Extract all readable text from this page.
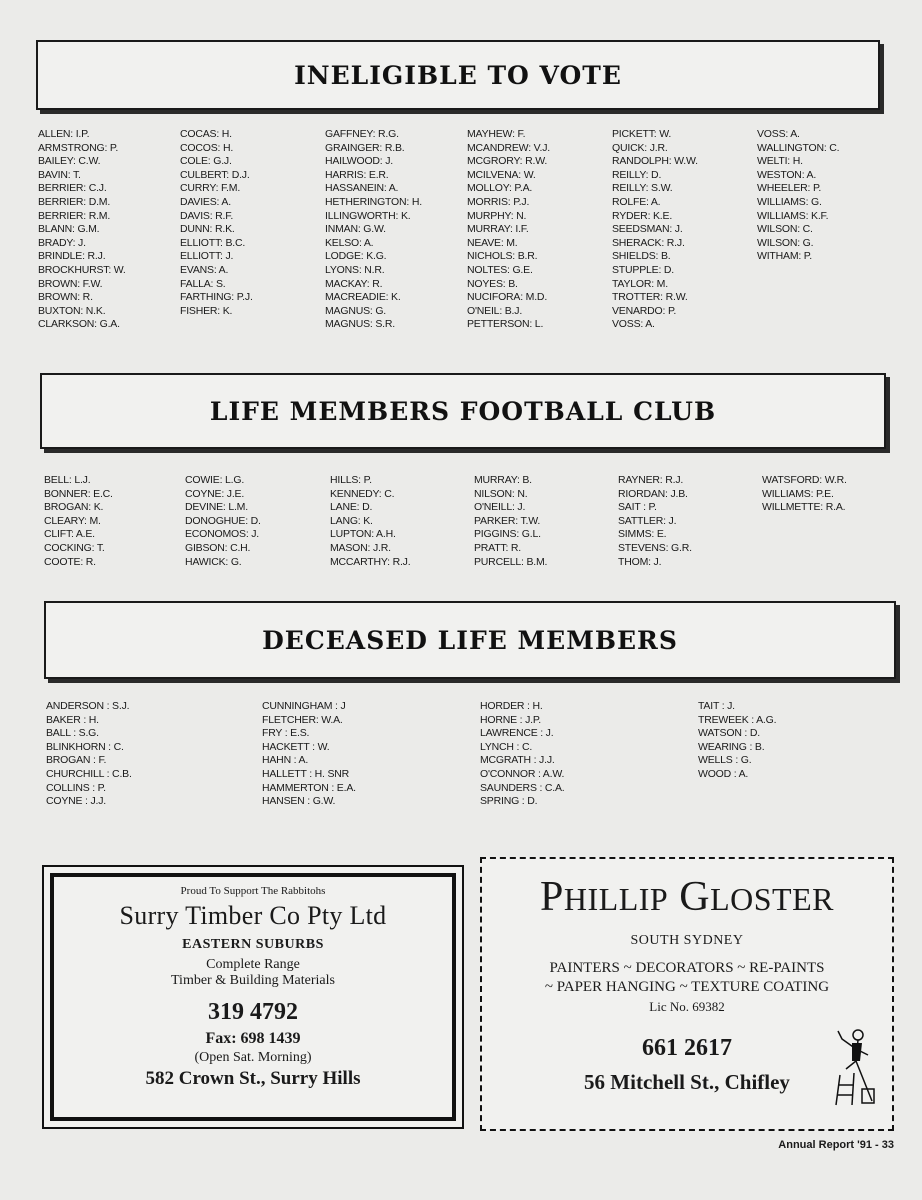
INELIGIBLE TO VOTE
ALLEN: I.P.
ARMSTRONG: P.
BAILEY: C.W.
BAVIN: T.
BERRIER: C.J.
BERRIER: D.M.
BERRIER: R.M.
BLANN: G.M.
BRADY: J.
BRINDLE: R.J.
BROCKHURST: W.
BROWN: F.W.
BROWN: R.
BUXTON: N.K.
CLARKSON: G.A.
COCAS: H.
COCOS: H.
COLE: G.J.
CULBERT: D.J.
CURRY: F.M.
DAVIES: A.
DAVIS: R.F.
DUNN: R.K.
ELLIOTT: B.C.
ELLIOTT: J.
EVANS: A.
FALLA: S.
FARTHING: P.J.
FISHER: K.
GAFFNEY: R.G.
GRAINGER: R.B.
HAILWOOD: J.
HARRIS: E.R.
HASSANEIN: A.
HETHERINGTON: H.
ILLINGWORTH: K.
INMAN: G.W.
KELSO: A.
LODGE: K.G.
LYONS: N.R.
MACKAY: R.
MACREADIE: K.
MAGNUS: G.
MAGNUS: S.R.
MAYHEW: F.
MCANDREW: V.J.
MCGRORY: R.W.
MCILVENA: W.
MOLLOY: P.A.
MORRIS: P.J.
MURPHY: N.
MURRAY: I.F.
NEAVE: M.
NICHOLS: B.R.
NOLTES: G.E.
NOYES: B.
NUCIFORA: M.D.
O'NEIL: B.J.
PETTERSON: L.
PICKETT: W.
QUICK: J.R.
RANDOLPH: W.W.
REILLY: D.
REILLY: S.W.
ROLFE: A.
RYDER: K.E.
SEEDSMAN: J.
SHERACK: R.J.
SHIELDS: B.
STUPPLE: D.
TAYLOR: M.
TROTTER: R.W.
VENARDO: P.
VOSS: A.
VOSS: A.
WALLINGTON: C.
WELTI: H.
WESTON: A.
WHEELER: P.
WILLIAMS: G.
WILLIAMS: K.F.
WILSON: C.
WILSON: G.
WITHAM: P.
LIFE MEMBERS FOOTBALL CLUB
BELL: L.J.
BONNER: E.C.
BROGAN: K.
CLEARY: M.
CLIFT: A.E.
COCKING: T.
COOTE: R.
COWIE: L.G.
COYNE: J.E.
DEVINE: L.M.
DONOGHUE: D.
ECONOMOS: J.
GIBSON: C.H.
HAWICK: G.
HILLS: P.
KENNEDY: C.
LANE: D.
LANG: K.
LUPTON: A.H.
MASON: J.R.
MCCARTHY: R.J.
MURRAY: B.
NILSON: N.
O'NEILL: J.
PARKER: T.W.
PIGGINS: G.L.
PRATT: R.
PURCELL: B.M.
RAYNER: R.J.
RIORDAN: J.B.
SAIT : P.
SATTLER: J.
SIMMS: E.
STEVENS: G.R.
THOM: J.
WATSFORD: W.R.
WILLIAMS: P.E.
WILLMETTE: R.A.
DECEASED LIFE MEMBERS
ANDERSON : S.J.
BAKER : H.
BALL : S.G.
BLINKHORN : C.
BROGAN : F.
CHURCHILL : C.B.
COLLINS : P.
COYNE : J.J.
CUNNINGHAM : J
FLETCHER: W.A.
FRY : E.S.
HACKETT : W.
HAHN : A.
HALLETT : H. SNR
HAMMERTON : E.A.
HANSEN : G.W.
HORDER : H.
HORNE : J.P.
LAWRENCE : J.
LYNCH : C.
MCGRATH : J.J.
O'CONNOR : A.W.
SAUNDERS : C.A.
SPRING : D.
TAIT : J.
TREWEEK : A.G.
WATSON : D.
WEARING : B.
WELLS : G.
WOOD : A.
Proud To Support The Rabbitohs
Surry Timber Co Pty Ltd
EASTERN SUBURBS
Complete Range
Timber & Building Materials
319 4792
Fax: 698 1439
(Open Sat. Morning)
582 Crown St., Surry Hills
PHILLIP GLOSTER
SOUTH SYDNEY
PAINTERS ~ DECORATORS ~ RE-PAINTS
~ PAPER HANGING ~ TEXTURE COATING
Lic No. 69382
661 2617
56 Mitchell St., Chifley
Annual Report '91 - 33
